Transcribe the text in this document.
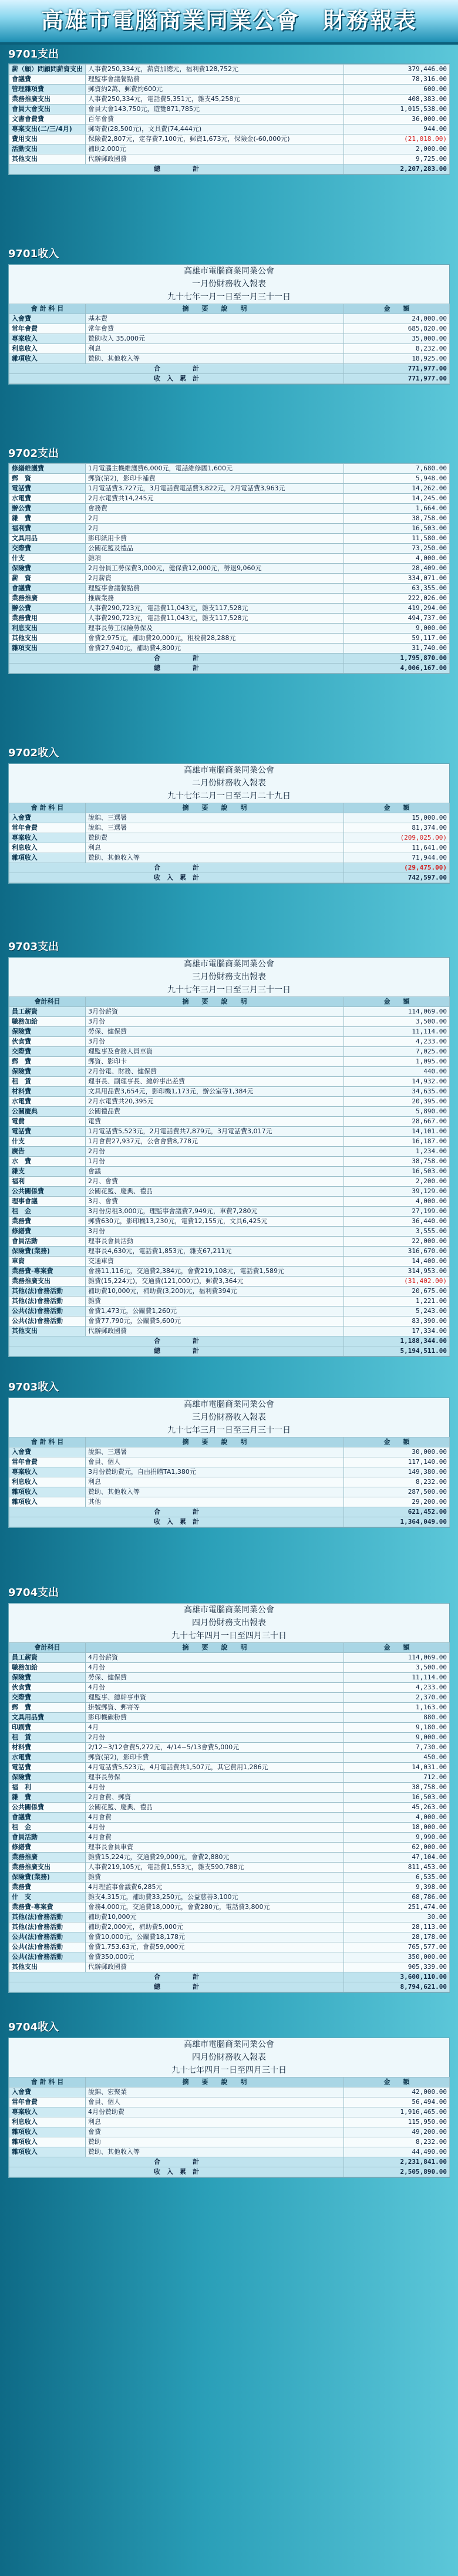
高雄市電腦商業同業公會　財務報表
9701支出
薪（顧）問顧問薪資支出	人事費250,334元，薪資加總元，福利費128,752元	379,446.00
會議費	理監事會議餐點費	78,316.00
管理雜項費	郵資約2萬、郵費約600元	600.00
業務推廣支出	人事費250,334元，電話費5,351元，雜支45,258元	408,383.00
會員大會支出	會員大會143,750元，遊覽871,785元	1,015,538.00
文書會費費	百年會費	36,000.00
專案支出(二/三/4月)	郵寄費(28,500元)，文具費(74,444元)	944.00
費用支出	保險費2,807元，定存費7,100元，郵資1,673元，保險金(-60,000元)	(21,018.00)
活動支出	補助2,000元	2,000.00
其他支出	代辦郵政國費	9,725.00
總　　　　　計		2,207,283.00
9701收入
高雄市電腦商業同業公會
一月份財務收入報表
九十七年一月一日至一月三十一日
會 計 科 目	摘　　要　　說　　明	金　　額
入會費	基本費	24,000.00
常年會費	常年會費	685,820.00
專案收入	贊助收入 35,000元	35,000.00
利息收入	利息	8,232.00
雜項收入	贊助、其他收入等	18,925.00
合　　　　　計		771,977.00
收　入　累　計		771,977.00
9702支出
修繕維護費	1月電腦主機維護費6,000元，電話維修國1,600元	7,680.00
郵　資	郵資(第2)，影印卡補費	5,948.00
電話費	1月電話費3,727元，3月電話費電話費3,822元，2月電話費3,963元	14,262.00
水電費	2月水電費共14,245元	14,245.00
辦公費	會務費	1,664.00
雜　費	2月	38,758.00
福利費	2月	16,503.00
文具用品	影印紙用卡費	11,580.00
交際費	公關花籃及禮品	73,250.00
什支	雜項	4,000.00
保險費	2月份員工勞保費3,000元，健保費12,000元，勞退9,060元	28,409.00
薪　資	2月薪資	334,071.00
會議費	理監事會議餐點費	63,355.00
業務推廣	推廣業務	222,026.00
辦公費	人事費290,723元，電話費11,043元，雜支117,528元	419,294.00
業務費用	人事費290,723元，電話費11,043元，雜支117,528元	494,737.00
利息支出	理事長勞工保險勞保及	9,000.00
其他支出	會費2,975元，補助費20,000元，租稅費28,288元	59,117.00
雜項支出	會費27,940元，補助費4,800元	31,740.00
合　　　　　計		1,795,870.00
總　　　　　計		4,006,167.00
9702收入
高雄市電腦商業同業公會
二月份財務收入報表
九十七年二月一日至二月二十九日
會 計 科 目	摘　　要　　說　　明	金　　額
入會費	說錦、三選署	15,000.00
常年會費	說錦、三選署	81,374.00
專案收入	贊助費	(209,025.00)
利息收入	利息	11,641.00
雜項收入	贊助、其他收入等	71,944.00
合　　　　　計		(29,475.00)
收　入　累　計		742,597.00
9703支出
高雄市電腦商業同業公會
三月份財務支出報表
九十七年三月一日至三月三十一日
會計科目	摘　　要　　說　　明	金　　額
員工薪資	3月份薪資	114,069.00
職務加給	3月份	3,500.00
保險費	勞保、健保費	11,114.00
伙食費	3月份	4,233.00
交際費	理監事及會務人員車資	7,025.00
郵　費	郵資、影印卡	1,095.00
保險費	2月份電、財務、健保費	440.00
租　賃	理事長、副理事長、總幹事出差費	14,932.00
材料費	文具用品費3,654元，影印機1,173元，辦公室等1,384元	34,635.00
水電費	2月水電費共20,395元	20,395.00
公關慶典	公關禮品費	5,890.00
電費	電費	28,667.00
電話費	1月電話費5,523元，2月電話費共7,879元，3月電話費3,017元	14,101.00
什支	1月會費27,937元，公會會費8,778元	16,187.00
廣告	2月份	1,234.00
水　費	1月份	38,758.00
雜支	會議	16,503.00
福利	2月、會費	2,200.00
公共關係費	公關花籃、慶典、禮品	39,129.00
理事會議	3月、會費	4,000.00
租　金	3月份房租3,000元，理監事會議費7,949元，車費7,280元	27,199.00
業務費	郵費630元，影印機13,230元，電費12,155元，文具6,425元	36,440.00
修繕費	3月份	3,555.00
會員活動	理事長會員活動	22,000.00
保險費(業務)	理事長4,630元，電話費1,853元，雜支67,211元	316,670.00
車資	交通車資	14,400.00
業務費-專案費	會務11,116元，交通費2,384元，會費219,108元，電話費1,589元	314,953.00
業務推廣支出	雜費(15,224元)，交通費(121,000元)，郵費3,364元	(31,402.00)
其他(法)會務活動	補助費10,000元，補助費(3,200)元，福利費394元	20,675.00
其他(法)會務活動	雜費	1,221.00
公共(法)會務活動	會費1,473元，公關費1,260元	5,243.00
公共(法)會務活動	會費77,790元，公關費5,600元	83,390.00
其他支出	代辦郵政國費	17,334.00
合　　　　　計		1,188,344.00
總　　　　　計		5,194,511.00
9703收入
高雄市電腦商業同業公會
三月份財務收入報表
九十七年三月一日至三月三十一日
會 計 科 目	摘　　要　　說　　明	金　　額
入會費	說錦、三選署	30,000.00
常年會費	會員、個人	117,140.00
專案收入	3月份贊助費元，自由捐贈TA1,380元	149,380.00
利息收入	利息	8,232.00
雜項收入	贊助、其他收入等	287,500.00
雜項收入	其他	29,200.00
合　　　　　計		621,452.00
收　入　累　計		1,364,049.00
9704支出
高雄市電腦商業同業公會
四月份財務支出報表
九十七年四月一日至四月三十日
會計科目	摘　　要　　說　　明	金　　額
員工薪資	4月份薪資	114,069.00
職務加給	4月份	3,500.00
保險費	勞保、健保費	11,114.00
伙食費	4月份	4,233.00
交際費	理監事、總幹事車資	2,370.00
郵　費	掛號郵資、郵寄等	1,163.00
文具用品費	影印機碳粉費	880.00
印刷費	4月	9,180.00
租　賃	2月份	9,000.00
材料費	2/12~3/12會費5,272元，4/14~5/13會費5,000元	7,730.00
水電費	郵資(第2)，影印卡費	450.00
電話費	4月電話費5,523元，4月電話費共1,507元，其它費用1,286元	14,031.00
保險費	理事長勞保	712.00
福　利	4月份	38,758.00
雜　費	2月會費、郵資	16,503.00
公共關係費	公關花籃、慶典、禮品	45,263.00
會議費	4月會費	4,000.00
租　金	4月份	18,000.00
會員活動	4月會費	9,990.00
修繕費	理事長會員車資	62,000.00
業務推廣	雜費15,224元，交通費29,000元，會費2,880元	47,104.00
業務推廣支出	人事費219,105元，電話費1,553元，雜支590,788元	811,453.00
保險費(業務)	雜費	6,535.00
業務費	4月理監事會議費6,285元	9,398.00
什　支	雜支4,315元，補助費33,250元，公益慈善3,100元	68,786.00
業務費-專案費	會務4,000元，交通費18,000元，會費280元，電話費3,800元	251,474.00
其他(法)會務活動	補助費10,000元	30.00
其他(法)會務活動	補助費2,000元，補助費5,000元	28,113.00
公共(法)會務活動	會費10,000元，公關費18,178元	28,178.00
公共(法)會務活動	會費1,753.63元，會費59,000元	765,577.00
公共(法)會務活動	會費350,000元	350,000.00
其他支出	代辦郵政國費	905,339.00
合　　　　　計		3,600,110.00
總　　　　　計		8,794,621.00
9704收入
高雄市電腦商業同業公會
四月份財務收入報表
九十七年四月一日至四月三十日
會 計 科 目	摘　　要　　說　　明	金　　額
入會費	說錦、宏聚業	42,000.00
常年會費	會員、個人	56,494.00
專案收入	4月份贊助費	1,916,465.00
利息收入	利息	115,950.00
雜項收入	會費	49,200.00
雜項收入	贊助	8,232.00
雜項收入	贊助、其他收入等	44,490.00
合　　　　　計		2,231,841.00
收　入　累　計		2,505,890.00
